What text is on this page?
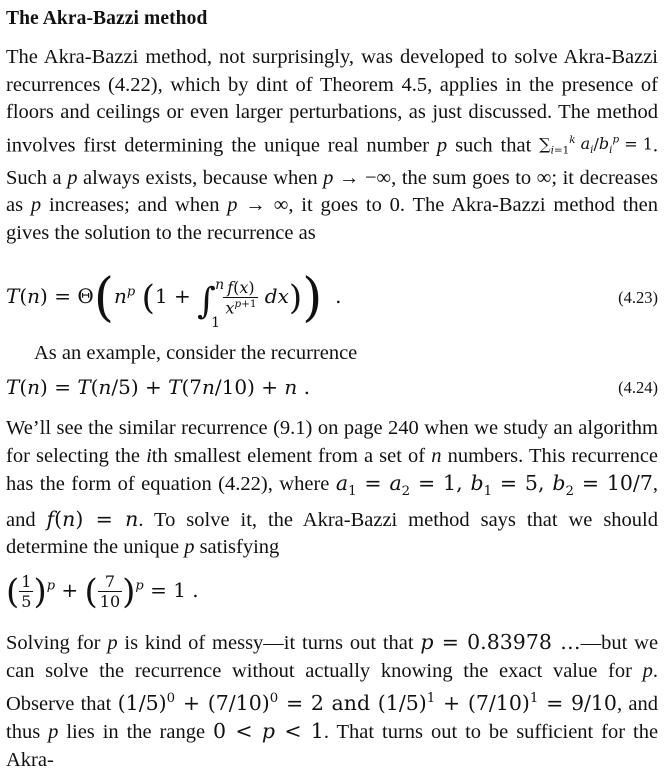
The Akra-Bazzi method
The Akra-Bazzi method, not surprisingly, was developed to solve Akra-Bazzi recurrences (4.22), which by dint of Theorem 4.5, applies in the presence of floors and ceilings or even larger perturbations, as just discussed. The method involves first determining the unique real number p such that $\sum_{i=1}^k$ $a_i/b_i^p = 1$. Such a p always exists, because when p → −∞, the sum goes to ∞; it decreases as p increases; and when p → ∞, it goes to 0. The Akra-Bazzi method then gives the solution to the recurrence as
$T(n) = \Theta(n^p$ (1 + ∫ n
1

$\frac{f(x)}{x^{p+1}} dx$))  .	(4.23)
As an example, consider the recurrence
T(n) = T(n/5) + T(7n/10) + n .	(4.24)
We’ll see the similar recurrence (9.1) on page 240 when we study an algorithm for selecting the ith smallest element from a set of n numbers. This recurrence has the form of equation (4.22), where $a_1 = a_2 = 1$, $b_1 = 5$, $b_2 = 10/7$, and f(n) = n. To solve it, the Akra-Bazzi method says that we should determine the unique p satisfying
( $\frac{1}{5} )^p$ + ( $\frac{7}{10} )^p = 1$ .
Solving for p is kind of messy—it turns out that p = 0.83978 …—but we can solve the recurrence without actually knowing the exact value for p. Observe that $(1/5)^0 + (7/10)^0 = 2$ and $(1/5)^1 + (7/10)^1 = 9/10$, and thus p lies in the range 0 < p < 1. That turns out to be sufficient for the Akra-
